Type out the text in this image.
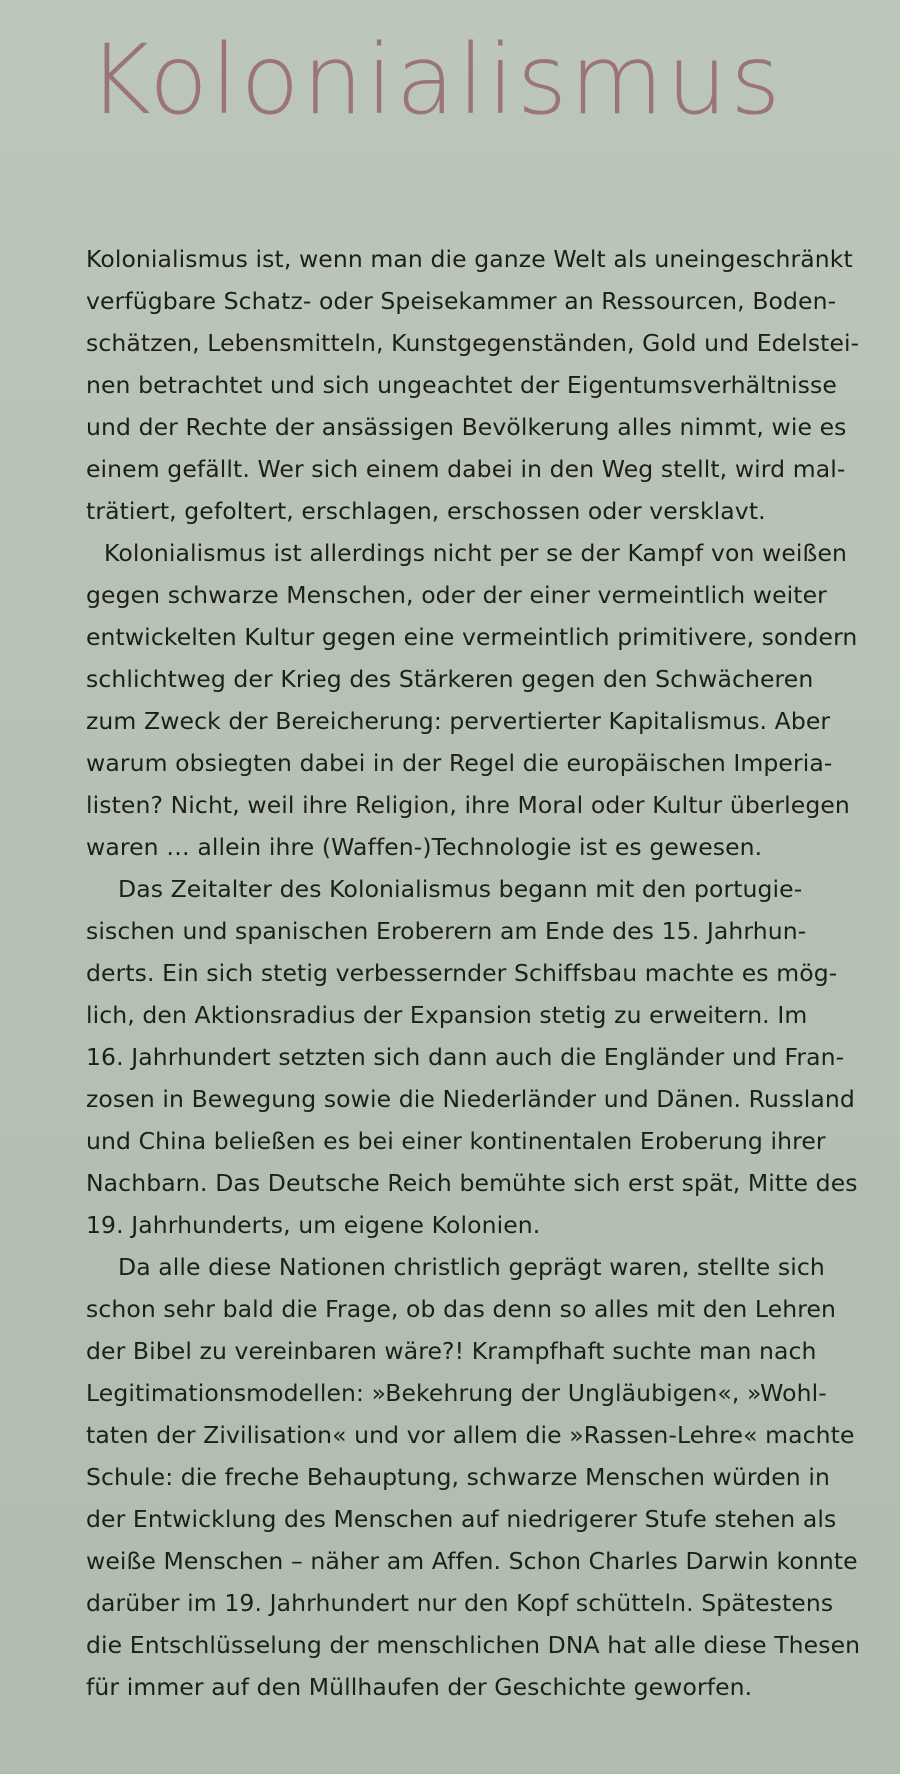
Kolonialismus
Kolonialismus ist, wenn man die ganze Welt als uneingeschränkt
verfügbare Schatz- oder Speisekammer an Ressourcen, Boden-
schätzen, Lebensmitteln, Kunstgegenständen, Gold und Edelstei-
nen betrachtet und sich ungeachtet der Eigentumsverhältnisse
und der Rechte der ansässigen Bevölkerung alles nimmt, wie es
einem gefällt. Wer sich einem dabei in den Weg stellt, wird mal-
trätiert, gefoltert, erschlagen, erschossen oder versklavt.
Kolonialismus ist allerdings nicht per se der Kampf von weißen
gegen schwarze Menschen, oder der einer vermeintlich weiter
entwickelten Kultur gegen eine vermeintlich primitivere, sondern
schlichtweg der Krieg des Stärkeren gegen den Schwächeren
zum Zweck der Bereicherung: pervertierter Kapitalismus. Aber
warum obsiegten dabei in der Regel die europäischen Imperia-
listen? Nicht, weil ihre Religion, ihre Moral oder Kultur überlegen
waren … allein ihre (Waffen-)Technologie ist es gewesen.
Das Zeitalter des Kolonialismus begann mit den portugie-
sischen und spanischen Eroberern am Ende des 15. Jahrhun-
derts. Ein sich stetig verbessernder Schiffsbau machte es mög-
lich, den Aktionsradius der Expansion stetig zu erweitern. Im
16. Jahrhundert setzten sich dann auch die Engländer und Fran-
zosen in Bewegung sowie die Niederländer und Dänen. Russland
und China beließen es bei einer kontinentalen Eroberung ihrer
Nachbarn. Das Deutsche Reich bemühte sich erst spät, Mitte des
19. Jahrhunderts, um eigene Kolonien.
Da alle diese Nationen christlich geprägt waren, stellte sich
schon sehr bald die Frage, ob das denn so alles mit den Lehren
der Bibel zu vereinbaren wäre?! Krampfhaft suchte man nach
Legitimationsmodellen: »Bekehrung der Ungläubigen«, »Wohl-
taten der Zivilisation« und vor allem die »Rassen-Lehre« machte
Schule: die freche Behauptung, schwarze Menschen würden in
der Entwicklung des Menschen auf niedrigerer Stufe stehen als
weiße Menschen – näher am Affen. Schon Charles Darwin konnte
darüber im 19. Jahrhundert nur den Kopf schütteln. Spätestens
die Entschlüsselung der menschlichen DNA hat alle diese Thesen
für immer auf den Müllhaufen der Geschichte geworfen.
